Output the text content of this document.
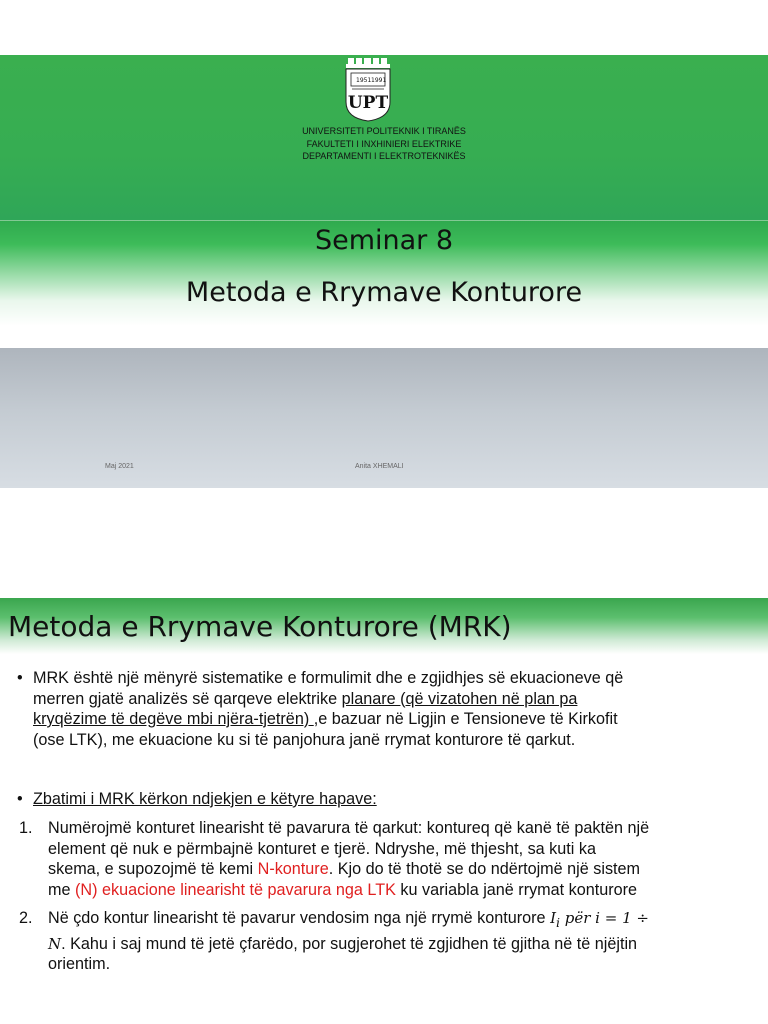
1951 1991
UPT
UNIVERSITETI POLITEKNIK I TIRANËS
FAKULTETI I INXHINIERI ELEKTRIKE
DEPARTAMENTI I ELEKTROTEKNIKËS
Seminar 8
Metoda e Rrymave Konturore
Maj 2021	Anita XHEMALI
Metoda e Rrymave Konturore (MRK)
• MRK është një mënyrë sistematike e formulimit dhe e zgjidhjes së ekuacioneve që
merren gjatë analizës së qarqeve elektrike planare (që vizatohen në plan pa
kryqëzime të degëve mbi njëra-tjetrën) ,e bazuar në Ligjin e Tensioneve të Kirkofit
(ose LTK), me ekuacione ku si të panjohura janë rrymat konturore të qarkut.
• Zbatimi i MRK kërkon ndjekjen e këtyre hapave:
1. Numërojmë konturet linearisht të pavarura të qarkut: kontureq që kanë të paktën një
element që nuk e përmbajnë konturet e tjerë. Ndryshe, më thjesht, sa kuti ka
skema, e supozojmë të kemi N-konture. Kjo do të thotë se do ndërtojmë një sistem
me (N) ekuacione linearisht të pavarura nga LTK ku variabla janë rrymat konturore
2. Në çdo kontur linearisht të pavarur vendosim nga një rrymë konturore $I_i$ për i = 1 ÷
N. Kahu i saj mund të jetë çfarëdo, por sugjerohet të zgjidhen të gjitha në të njëjtin
orientim.
